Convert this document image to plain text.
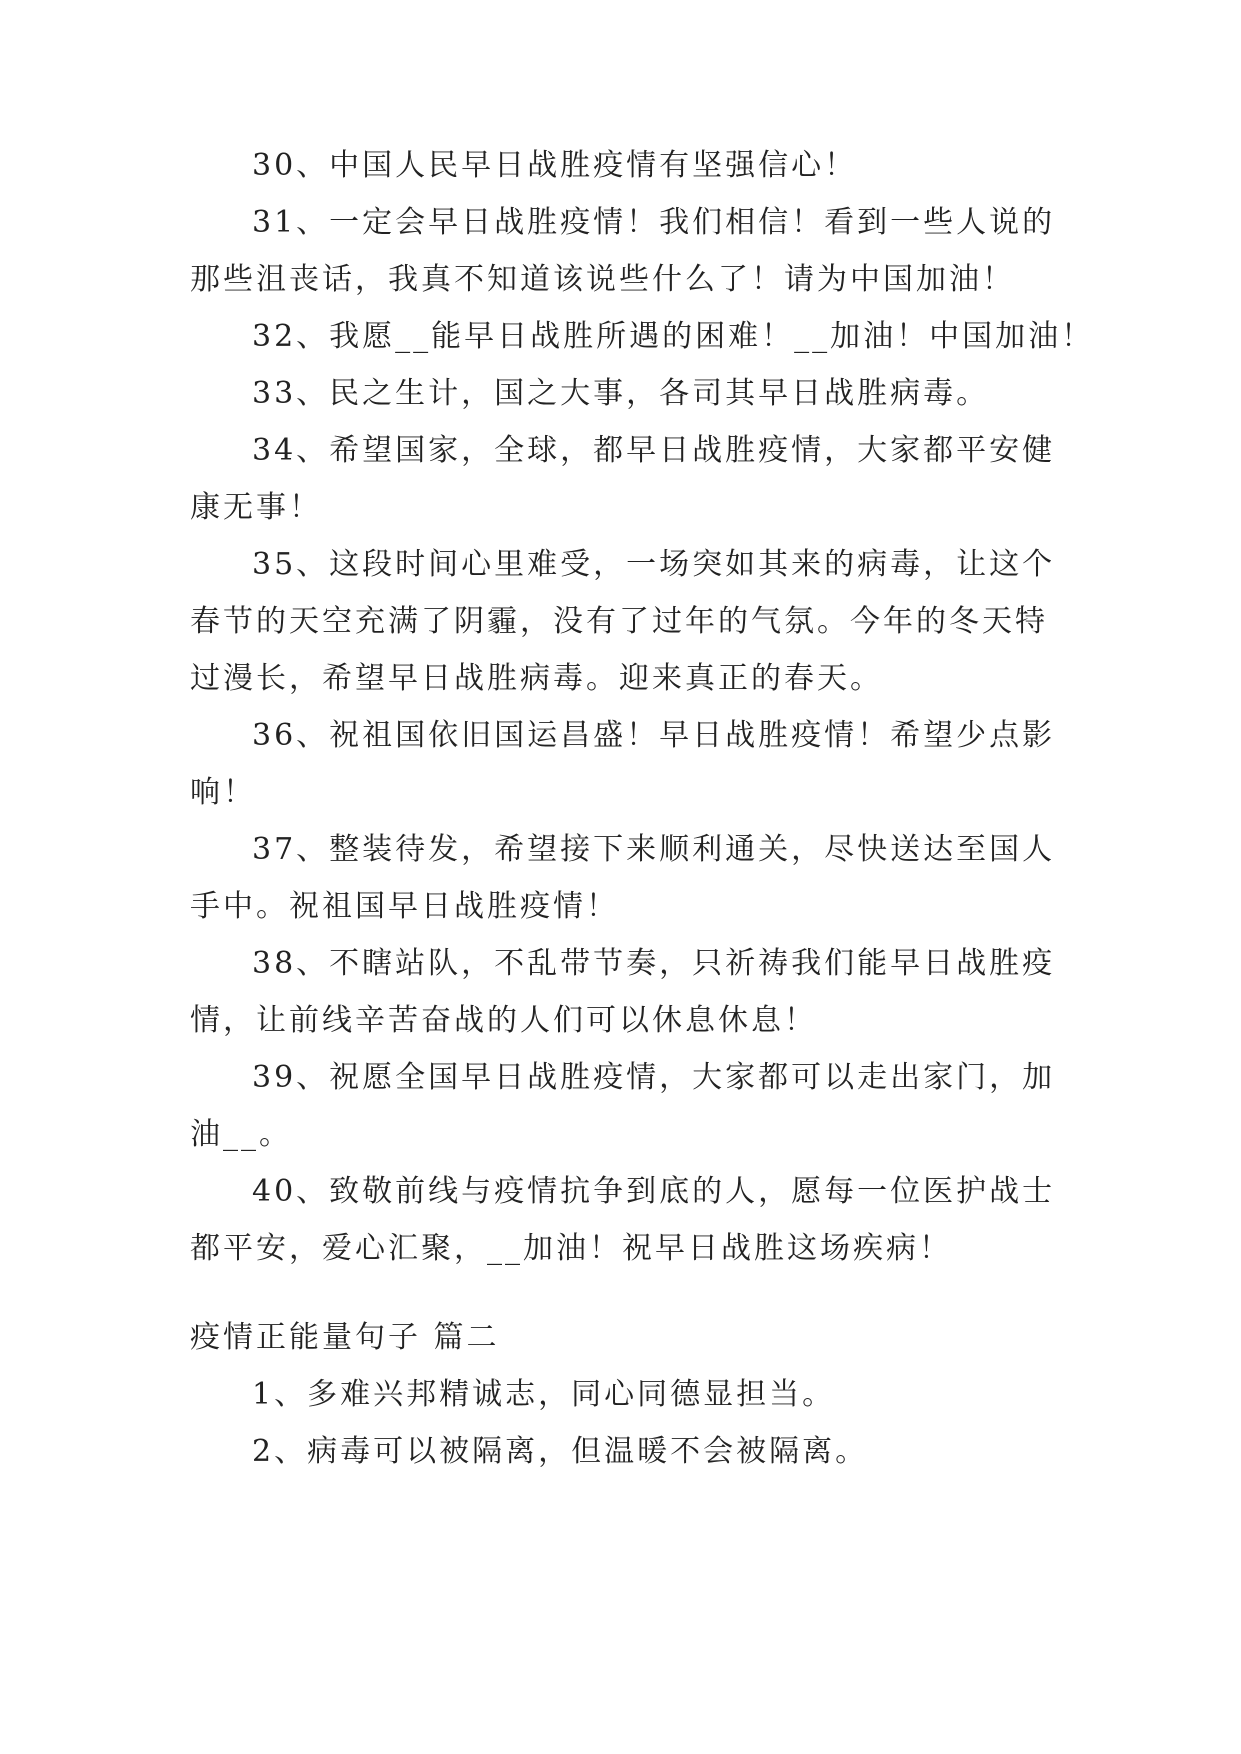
30、中国人民早日战胜疫情有坚强信心！
31、一定会早日战胜疫情！我们相信！看到一些人说的
那些沮丧话，我真不知道该说些什么了！请为中国加油！
32、我愿__能早日战胜所遇的困难！__加油！中国加油！
33、民之生计，国之大事，各司其早日战胜病毒。
34、希望国家，全球，都早日战胜疫情，大家都平安健
康无事！
35、这段时间心里难受，一场突如其来的病毒，让这个
春节的天空充满了阴霾，没有了过年的气氛。今年的冬天特
过漫长，希望早日战胜病毒。迎来真正的春天。
36、祝祖国依旧国运昌盛！早日战胜疫情！希望少点影
响！
37、整装待发，希望接下来顺利通关，尽快送达至国人
手中。祝祖国早日战胜疫情！
38、不瞎站队，不乱带节奏，只祈祷我们能早日战胜疫
情，让前线辛苦奋战的人们可以休息休息！
39、祝愿全国早日战胜疫情，大家都可以走出家门，加
油__。
40、致敬前线与疫情抗争到底的人，愿每一位医护战士
都平安，爱心汇聚，__加油！祝早日战胜这场疾病！
疫情正能量句子 篇二
1、多难兴邦精诚志，同心同德显担当。
2、病毒可以被隔离，但温暖不会被隔离。
